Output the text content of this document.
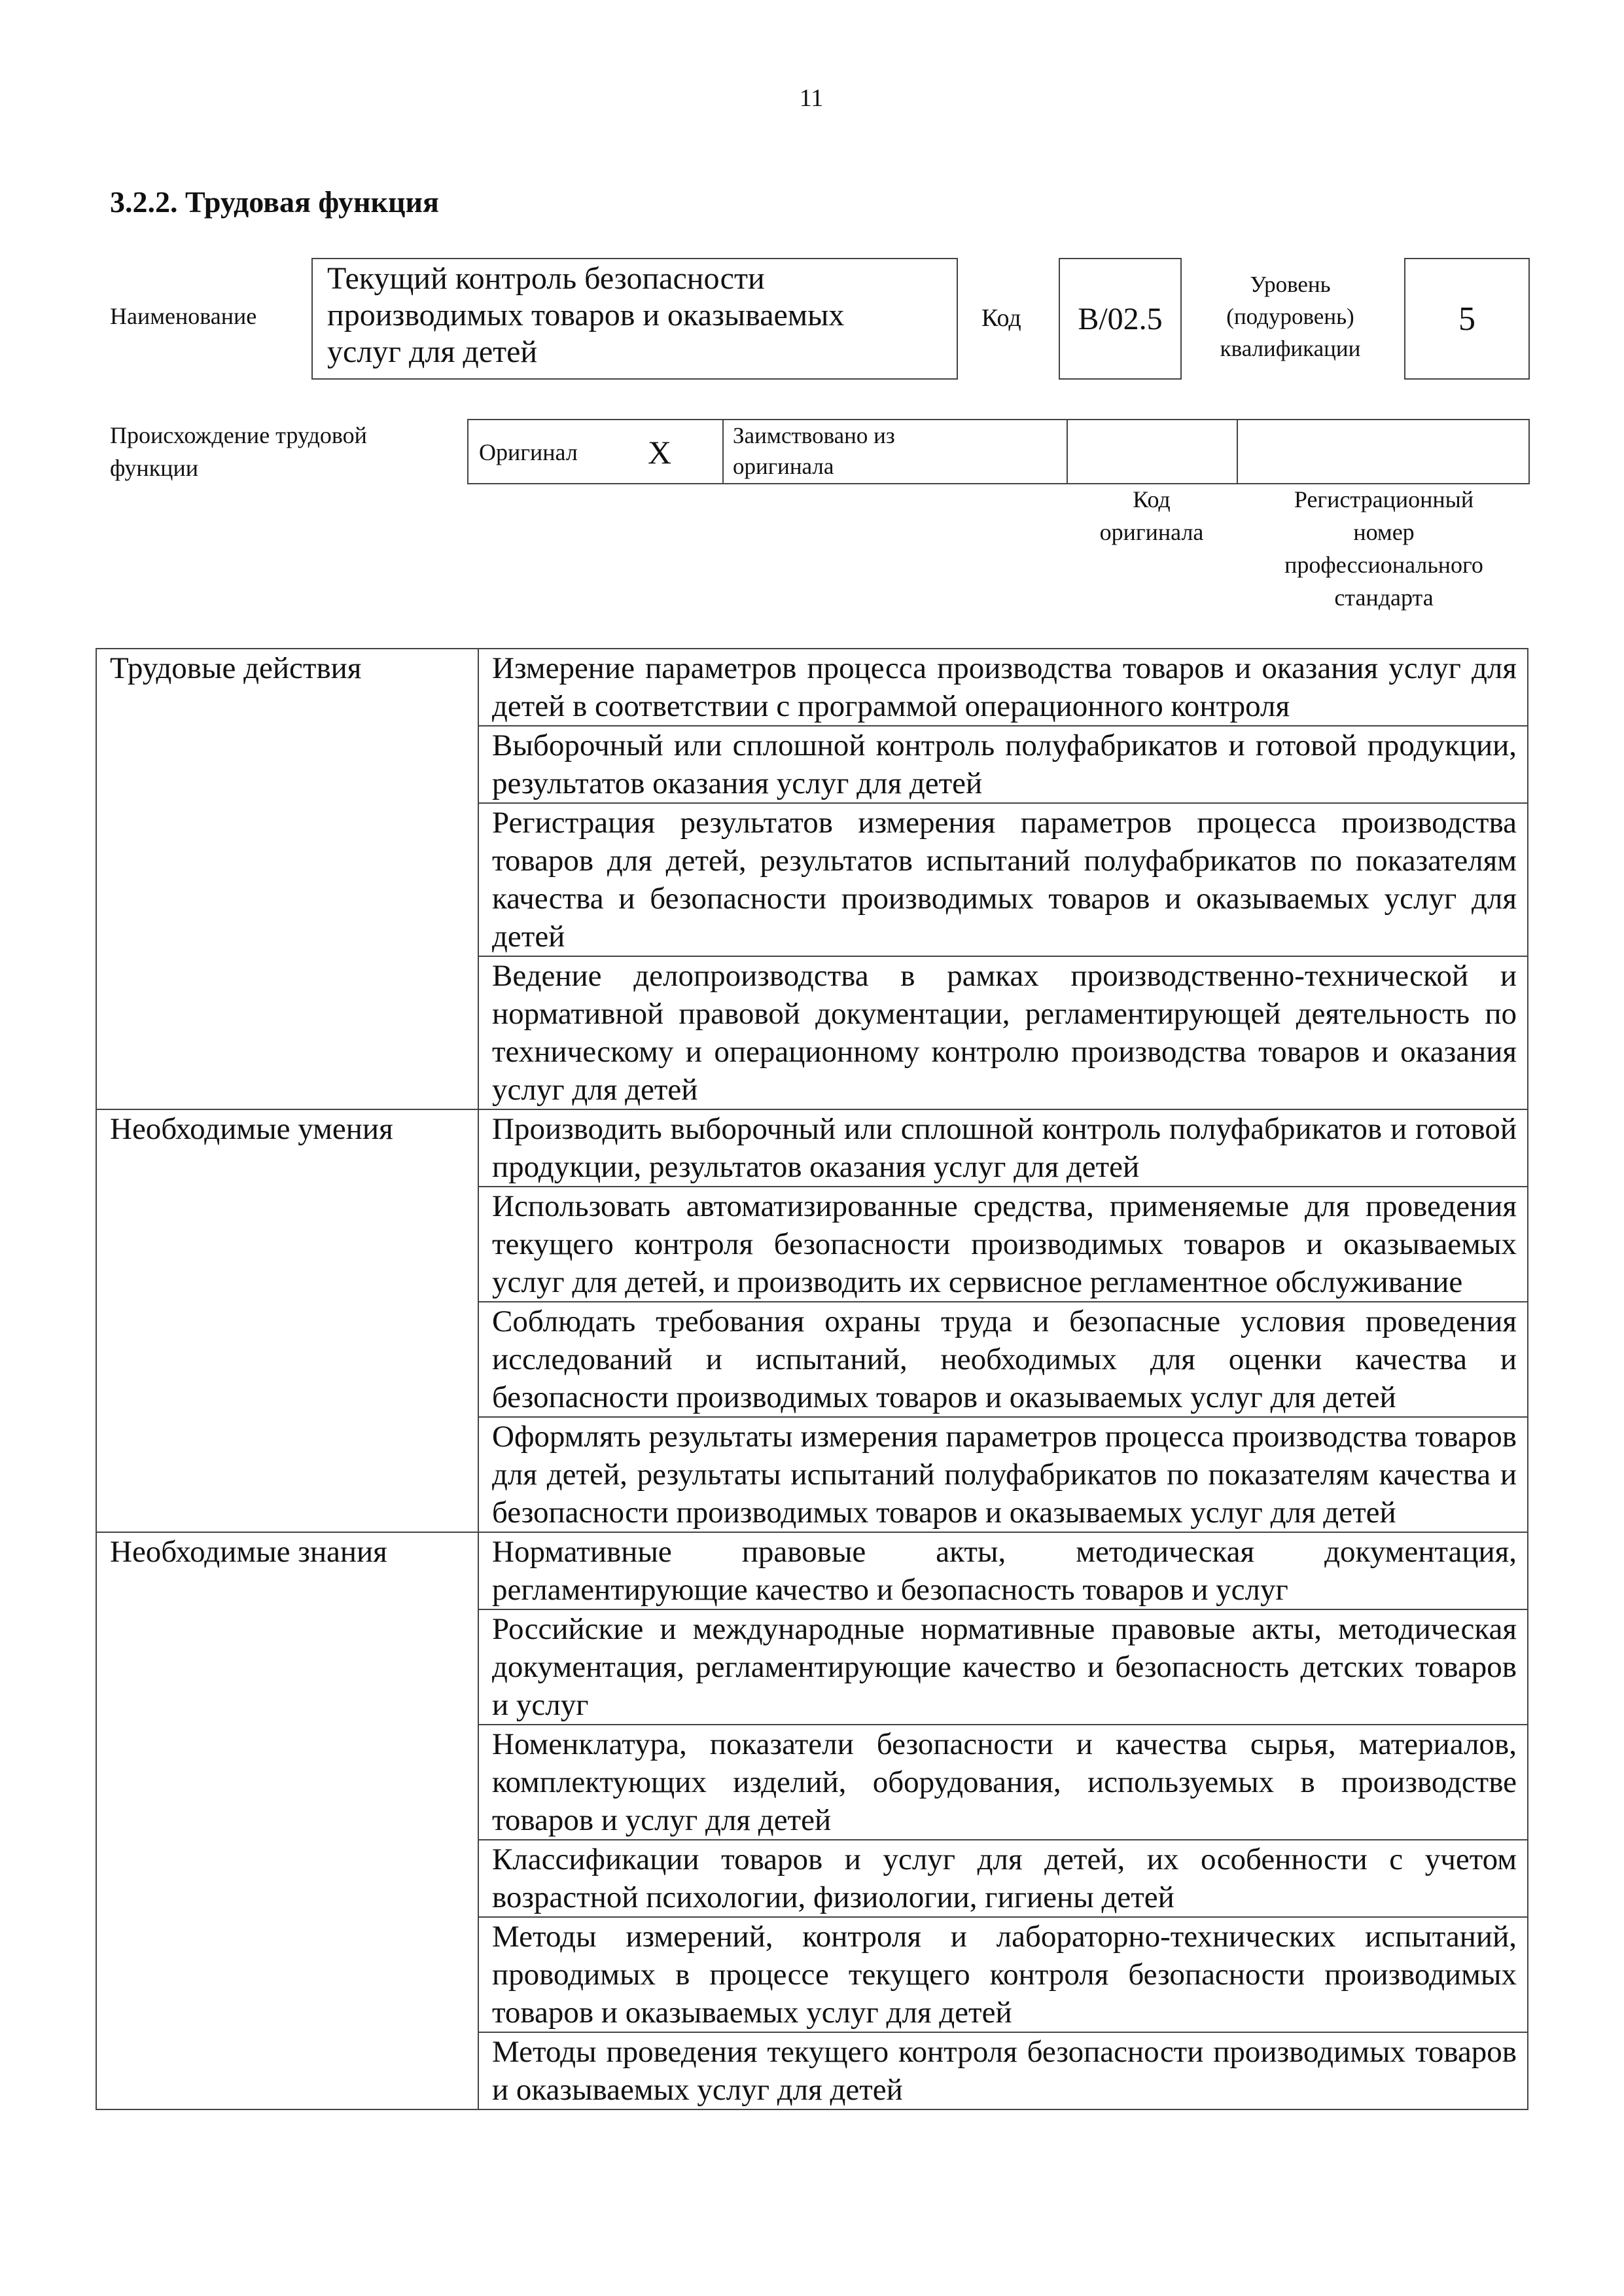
11
3.2.2. Трудовая функция
Наименование
Текущий контроль безопасности
производимых товаров и оказываемых
услуг для детей
Код	B/02.5
Уровень
(подуровень)
квалификации
5
Происхождение трудовой
функции
Оригинал X	Заимствовано из
оригинала
Код
оригинала
Регистрационный
номер
профессионального
стандарта
Трудовые действия	Измерение параметров процесса производства товаров и оказания услуг для детей в соответствии с программой операционного контроля
	Выборочный или сплошной контроль полуфабрикатов и готовой продукции, результатов оказания услуг для детей
	Регистрация результатов измерения параметров процесса производства товаров для детей, результатов испытаний полуфабрикатов по показателям качества и безопасности производимых товаров и оказываемых услуг для детей
	Ведение делопроизводства в рамках производственно-технической и нормативной правовой документации, регламентирующей деятельность по техническому и операционному контролю производства товаров и оказания услуг для детей
Необходимые умения	Производить выборочный или сплошной контроль полуфабрикатов и готовой продукции, результатов оказания услуг для детей
	Использовать автоматизированные средства, применяемые для проведения текущего контроля безопасности производимых товаров и оказываемых услуг для детей, и производить их сервисное регламентное обслуживание
	Соблюдать требования охраны труда и безопасные условия проведения исследований и испытаний, необходимых для оценки качества и безопасности производимых товаров и оказываемых услуг для детей
	Оформлять результаты измерения параметров процесса производства товаров для детей, результаты испытаний полуфабрикатов по показателям качества и безопасности производимых товаров и оказываемых услуг для детей
Необходимые знания	Нормативные правовые акты, методическая документация, регламентирующие качество и безопасность товаров и услуг
	Российские и международные нормативные правовые акты, методическая документация, регламентирующие качество и безопасность детских товаров и услуг
	Номенклатура, показатели безопасности и качества сырья, материалов, комплектующих изделий, оборудования, используемых в производстве товаров и услуг для детей
	Классификации товаров и услуг для детей, их особенности с учетом возрастной психологии, физиологии, гигиены детей
	Методы измерений, контроля и лабораторно-технических испытаний, проводимых в процессе текущего контроля безопасности производимых товаров и оказываемых услуг для детей
	Методы проведения текущего контроля безопасности производимых товаров и оказываемых услуг для детей
